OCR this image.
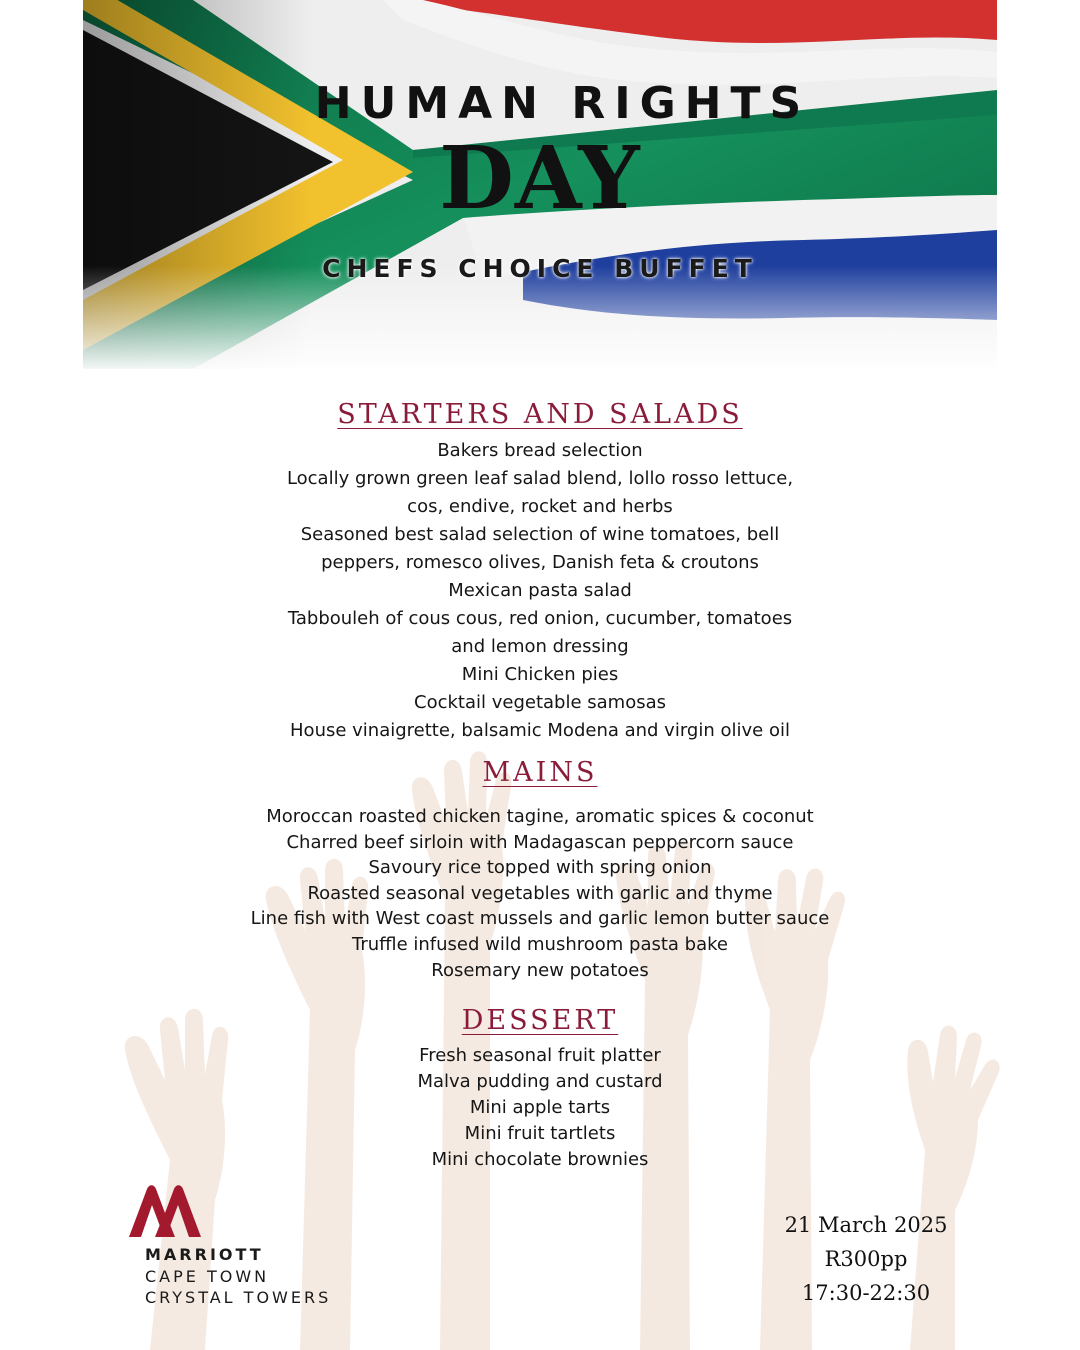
HUMAN RIGHTS
DAY
CHEFS CHOICE BUFFET
STARTERS AND SALADS
Bakers bread selection
Locally grown green leaf salad blend, lollo rosso lettuce,
cos, endive, rocket and herbs
Seasoned best salad selection of wine tomatoes, bell
peppers, romesco olives, Danish feta & croutons
Mexican pasta salad
Tabbouleh of cous cous, red onion, cucumber, tomatoes
and lemon dressing
Mini Chicken pies
Cocktail vegetable samosas
House vinaigrette, balsamic Modena and virgin olive oil
MAINS
Moroccan roasted chicken tagine, aromatic spices & coconut
Charred beef sirloin with Madagascan peppercorn sauce
Savoury rice topped with spring onion
Roasted seasonal vegetables with garlic and thyme
Line fish with West coast mussels and garlic lemon butter sauce
Truffle infused wild mushroom pasta bake
Rosemary new potatoes
DESSERT
Fresh seasonal fruit platter
Malva pudding and custard
Mini apple tarts
Mini fruit tartlets
Mini chocolate brownies
MARRIOTT
CAPE TOWN
CRYSTAL TOWERS
21 March 2025
R300pp
17:30-22:30
